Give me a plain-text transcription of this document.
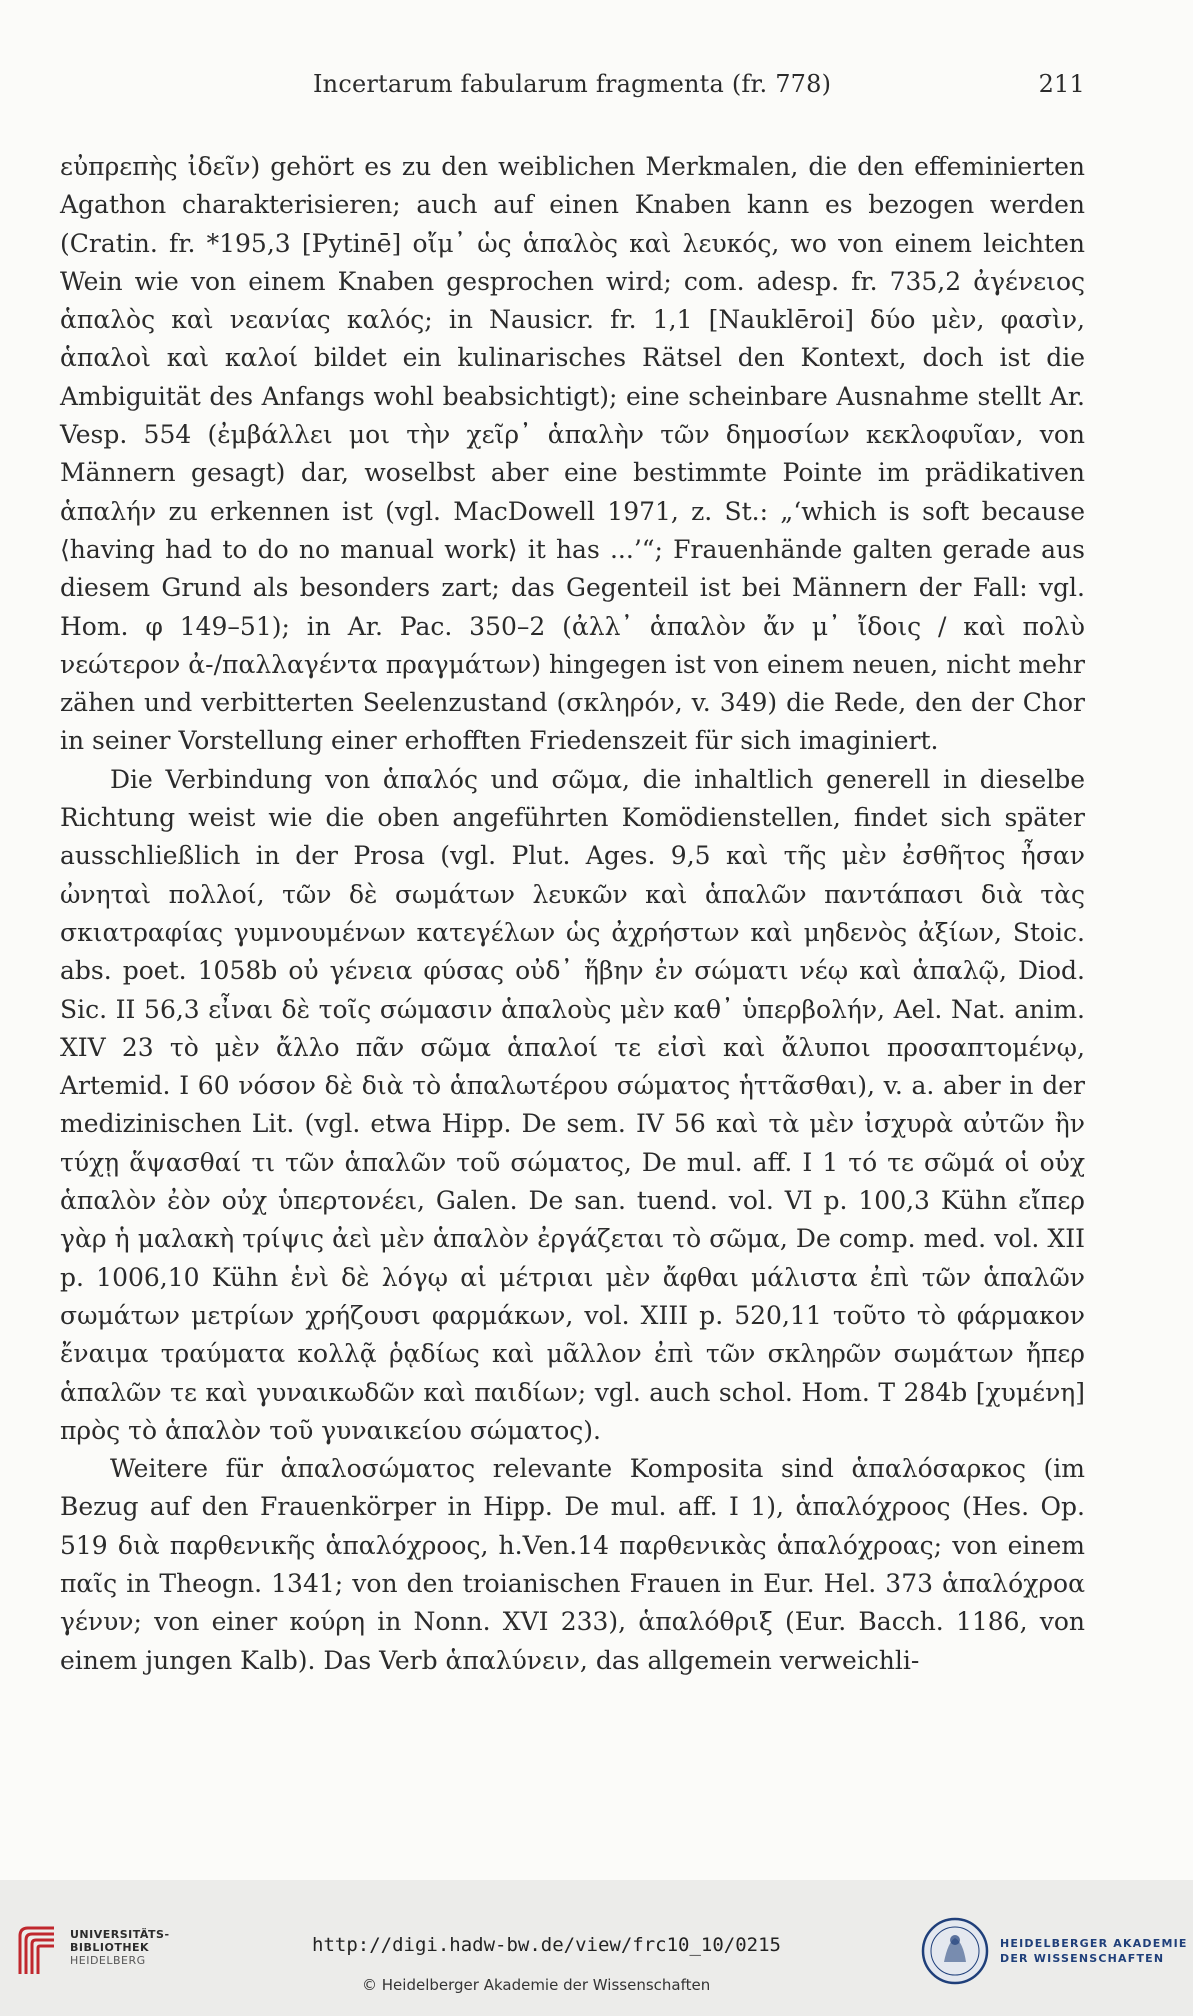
Incertarum fabularum fragmenta (fr. 778)	211

εὐπρεπὴς ἰδεῖν) gehört es zu den weiblichen Merkmalen, die den effeminierten Agathon charakterisieren; auch auf einen Knaben kann es bezogen werden (Cratin. fr. *195,3 [Pytinē] οἴμ᾽ ὡς ἁπαλὸς καὶ λευκός, wo von einem leichten Wein wie von einem Knaben gesprochen wird; com. adesp. fr. 735,2 ἀγένειος ἁπαλὸς καὶ νεανίας καλός; in Nausicr. fr. 1,1 [Nauklēroi] δύο μὲν, φασὶν, ἁπαλοὶ καὶ καλοί bildet ein kulinarisches Rätsel den Kontext, doch ist die Ambiguität des Anfangs wohl beabsichtigt); eine scheinbare Ausnahme stellt Ar. Vesp. 554 (ἐμβάλλει μοι τὴν χεῖρ᾽ ἁπαλὴν τῶν δημοσίων κεκλοφυῖαν, von Männern gesagt) dar, woselbst aber eine bestimmte Pointe im prädikativen ἁπαλήν zu erkennen ist (vgl. MacDowell 1971, z. St.: „‘which is soft because ⟨having had to do no manual work⟩ it has ...’“; Frauenhände galten gerade aus diesem Grund als besonders zart; das Gegenteil ist bei Männern der Fall: vgl. Hom. φ 149–51); in Ar. Pac. 350–2 (ἀλλ᾽ ἁπαλὸν ἄν μ᾽ ἴδοις / καὶ πολὺ νεώτερον ἀ-/παλλαγέντα πραγμάτων) hingegen ist von einem neuen, nicht mehr zähen und verbitterten Seelenzustand (σκληρόν, v. 349) die Rede, den der Chor in seiner Vorstellung einer erhofften Friedenszeit für sich imaginiert.

Die Verbindung von ἁπαλός und σῶμα, die inhaltlich generell in dieselbe Richtung weist wie die oben angeführten Komödienstellen, findet sich später ausschließlich in der Prosa (vgl. Plut. Ages. 9,5 καὶ τῆς μὲν ἐσθῆτος ἦσαν ὠνηταὶ πολλοί, τῶν δὲ σωμάτων λευκῶν καὶ ἁπαλῶν παντάπασι διὰ τὰς σκιατραφίας γυμνουμένων κατεγέλων ὡς ἀχρήστων καὶ μηδενὸς ἀξίων, Stoic. abs. poet. 1058b οὐ γένεια φύσας οὐδ᾽ ἥβην ἐν σώματι νέῳ καὶ ἁπαλῷ, Diod. Sic. II 56,3 εἶναι δὲ τοῖς σώμασιν ἁπαλοὺς μὲν καθ᾽ ὑπερβολήν, Ael. Nat. anim. XIV 23 τὸ μὲν ἄλλο πᾶν σῶμα ἁπαλοί τε εἰσὶ καὶ ἄλυποι προσαπτομένῳ, Artemid. I 60 νόσον δὲ διὰ τὸ ἁπαλωτέρου σώματος ἡττᾶσθαι), v. a. aber in der medizinischen Lit. (vgl. etwa Hipp. De sem. IV 56 καὶ τὰ μὲν ἰσχυρὰ αὐτῶν ἢν τύχῃ ἅψασθαί τι τῶν ἁπαλῶν τοῦ σώματος, De mul. aff. I 1 τό τε σῶμά οἱ οὐχ ἁπαλὸν ἐὸν οὐχ ὑπερτονέει, Galen. De san. tuend. vol. VI p. 100,3 Kühn εἴπερ γὰρ ἡ μαλακὴ τρίψις ἀεὶ μὲν ἁπαλὸν ἐργάζεται τὸ σῶμα, De comp. med. vol. XII p. 1006,10 Kühn ἑνὶ δὲ λόγῳ αἱ μέτριαι μὲν ἄφθαι μάλιστα ἐπὶ τῶν ἁπαλῶν σωμάτων μετρίων χρήζουσι φαρμάκων, vol. XIII p. 520,11 τοῦτο τὸ φάρμακον ἔναιμα τραύματα κολλᾷ ῥᾳδίως καὶ μᾶλλον ἐπὶ τῶν σκληρῶν σωμάτων ἤπερ ἁπαλῶν τε καὶ γυναικωδῶν καὶ παιδίων; vgl. auch schol. Hom. T 284b [χυμένη] πρὸς τὸ ἁπαλὸν τοῦ γυναικείου σώματος).

Weitere für ἁπαλοσώματος relevante Komposita sind ἁπαλόσαρκος (im Bezug auf den Frauenkörper in Hipp. De mul. aff. I 1), ἁπαλόχροος (Hes. Op. 519 διὰ παρθενικῆς ἁπαλόχροος, h.Ven.14 παρθενικὰς ἁπαλόχροας; von einem παῖς in Theogn. 1341; von den troianischen Frauen in Eur. Hel. 373 ἁπαλόχροα γένυν; von einer κούρη in Nonn. XVI 233), ἁπαλόθριξ (Eur. Bacch. 1186, von einem jungen Kalb). Das Verb ἁπαλύνειν, das allgemein verweichli-

UNIVERSITÄTS-
BIBLIOTHEK
HEIDELBERG
http://digi.hadw-bw.de/view/frc10_10/0215
© Heidelberger Akademie der Wissenschaften
HEIDELBERGER AKADEMIE
DER WISSENSCHAFTEN
